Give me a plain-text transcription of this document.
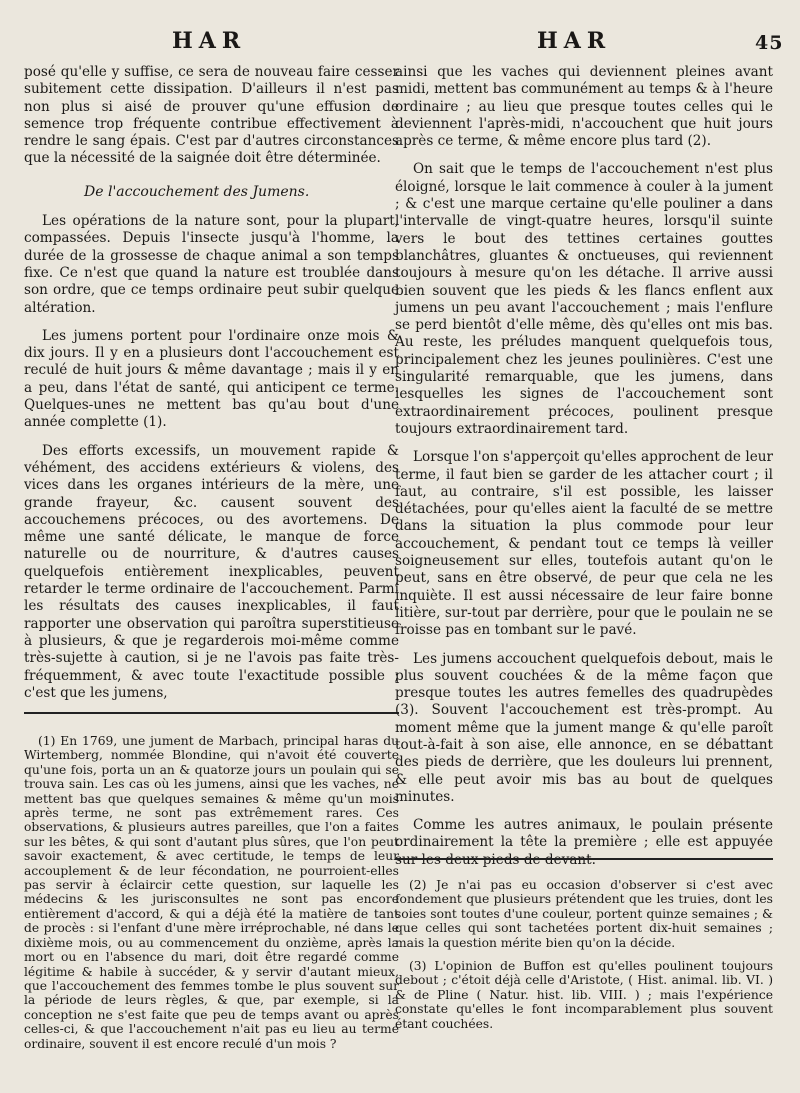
HAR	HAR	45

posé qu'elle y suffise, ce sera de nouveau faire cesser subitement cette dissipation. D'ailleurs il n'est pas non plus si aisé de prouver qu'une effusion de semence trop fréquente contribue effectivement à rendre le sang épais. C'est par d'autres circonstances que la nécessité de la saignée doit être déterminée.

De l'accouchement des Jumens.

Les opérations de la nature sont, pour la plupart, compassées. Depuis l'insecte jusqu'à l'homme, la durée de la grossesse de chaque animal a son temps fixe. Ce n'est que quand la nature est troublée dans son ordre, que ce temps ordinaire peut subir quelque altération.

Les jumens portent pour l'ordinaire onze mois & dix jours. Il y en a plusieurs dont l'accouchement est reculé de huit jours & même davantage ; mais il y en a peu, dans l'état de santé, qui anticipent ce terme. Quelques-unes ne mettent bas qu'au bout d'une année complette (1).

Des efforts excessifs, un mouvement rapide & véhément, des accidens extérieurs & violens, des vices dans les organes intérieurs de la mère, une grande frayeur, &c. causent souvent des accouchemens précoces, ou des avortemens. De même une santé délicate, le manque de force naturelle ou de nourriture, & d'autres causes quelquefois entièrement inexplicables, peuvent retarder le terme ordinaire de l'accouchement. Parmi les résultats des causes inexplicables, il faut rapporter une observation qui paroîtra superstitieuse à plusieurs, & que je regarderois moi-même comme très-sujette à caution, si je ne l'avois pas faite très-fréquemment, & avec toute l'exactitude possible ; c'est que les jumens,

(1) En 1769, une jument de Marbach, principal haras du Wirtemberg, nommée Blondine, qui n'avoit été couverte qu'une fois, porta un an & quatorze jours un poulain qui se trouva sain. Les cas où les jumens, ainsi que les vaches, ne mettent bas que quelques semaines & même qu'un mois après terme, ne sont pas extrêmement rares. Ces observations, & plusieurs autres pareilles, que l'on a faites sur les bêtes, & qui sont d'autant plus sûres, que l'on peut savoir exactement, & avec certitude, le temps de leur accouplement & de leur fécondation, ne pourroient-elles pas servir à éclaircir cette question, sur laquelle les médecins & les jurisconsultes ne sont pas encore entièrement d'accord, & qui a déjà été la matière de tant de procès : si l'enfant d'une mère irréprochable, né dans le dixième mois, ou au commencement du onzième, après la mort ou en l'absence du mari, doit être regardé comme légitime & habile à succéder, & y servir d'autant mieux, que l'accouchement des femmes tombe le plus souvent sur la période de leurs règles, & que, par exemple, si la conception ne s'est faite que peu de temps avant ou après celles-ci, & que l'accouchement n'ait pas eu lieu au terme ordinaire, souvent il est encore reculé d'un mois ?

ainsi que les vaches qui deviennent pleines avant midi, mettent bas communément au temps & à l'heure ordinaire ; au lieu que presque toutes celles qui le deviennent l'après-midi, n'accouchent que huit jours après ce terme, & même encore plus tard (2).

On sait que le temps de l'accouchement n'est plus éloigné, lorsque le lait commence à couler à la jument ; & c'est une marque certaine qu'elle pouliner a dans l'intervalle de vingt-quatre heures, lorsqu'il suinte vers le bout des tettines certaines gouttes blanchâtres, gluantes & onctueuses, qui reviennent toujours à mesure qu'on les détache. Il arrive aussi bien souvent que les pieds & les flancs enflent aux jumens un peu avant l'accouchement ; mais l'enflure se perd bientôt d'elle même, dès qu'elles ont mis bas. Au reste, les préludes manquent quelquefois tous, principalement chez les jeunes poulinières. C'est une singularité remarquable, que les jumens, dans lesquelles les signes de l'accouchement sont extraordinairement précoces, poulinent presque toujours extraordinairement tard.

Lorsque l'on s'apperçoit qu'elles approchent de leur terme, il faut bien se garder de les attacher court ; il faut, au contraire, s'il est possible, les laisser détachées, pour qu'elles aient la faculté de se mettre dans la situation la plus commode pour leur accouchement, & pendant tout ce temps là veiller soigneusement sur elles, toutefois autant qu'on le peut, sans en être observé, de peur que cela ne les inquiète. Il est aussi nécessaire de leur faire bonne litière, sur-tout par derrière, pour que le poulain ne se froisse pas en tombant sur le pavé.

Les jumens accouchent quelquefois debout, mais le plus souvent couchées & de la même façon que presque toutes les autres femelles des quadrupèdes (3). Souvent l'accouchement est très-prompt. Au moment même que la jument mange & qu'elle paroît tout-à-fait à son aise, elle annonce, en se débattant des pieds de derrière, que les douleurs lui prennent, & elle peut avoir mis bas au bout de quelques minutes.

Comme les autres animaux, le poulain présente ordinairement la tête la première ; elle est appuyée sur les deux pieds de devant.

(2) Je n'ai pas eu occasion d'observer si c'est avec fondement que plusieurs prétendent que les truies, dont les soies sont toutes d'une couleur, portent quinze semaines ; & que celles qui sont tachetées portent dix-huit semaines ; mais la question mérite bien qu'on la décide.

(3) L'opinion de Buffon est qu'elles poulinent toujours debout ; c'étoit déjà celle d'Aristote, ( Hist. animal. lib. VI. ) & de Pline ( Natur. hist. lib. VIII. ) ; mais l'expérience constate qu'elles le font incomparablement plus souvent étant couchées.
